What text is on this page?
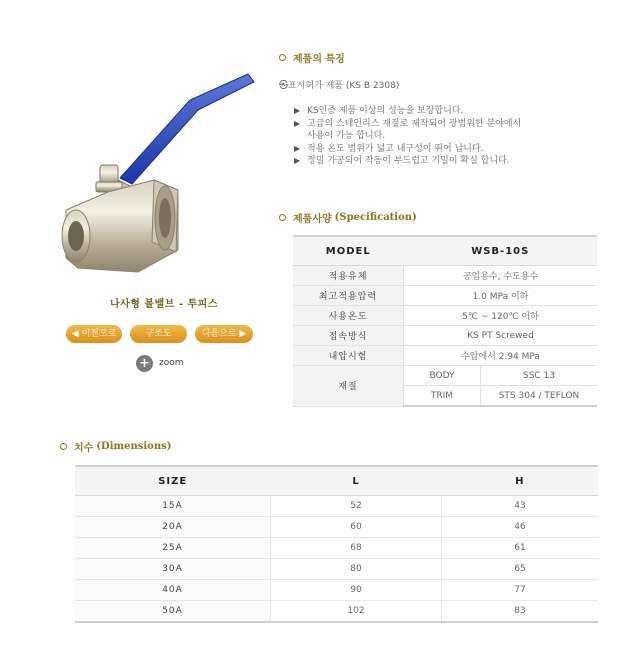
나사형 볼밸브 - 투피스
◀ 이전으로	구조도	다음으로 ▶
+	zoom
제품의 특징
㉿표시허가 제품 (KS B 2308)
▶ KS인증 제품 이상의 성능을 보장합니다.
▶ 고급의 스테인리스 재질로 제작되어 광범위한 분야에서
사용이 가능 합니다.
▶ 적용 온도 범위가 넓고 내구성이 뛰어 납니다.
▶ 정밀 가공되어 작동이 부드럽고 기밀이 확실 합니다.
제품사양 (Specification)
MODEL	WSB-10S	
적용유체	공업용수, 수도용수	
최고적용압력	1.0 MPa 이하	
사용온도	5℃ ~ 120℃ 이하	
접속방식	KS PT Screwed	
내압시험	수압에서 2.94 MPa	
재질	BODY	SSC 13
	TRIM	STS 304 / TEFLON
치수 (Dimensions)
SIZE	L	H
15A	52	43
20A	60	46
25A	68	61
30A	80	65
40A	90	77
50A	102	83
